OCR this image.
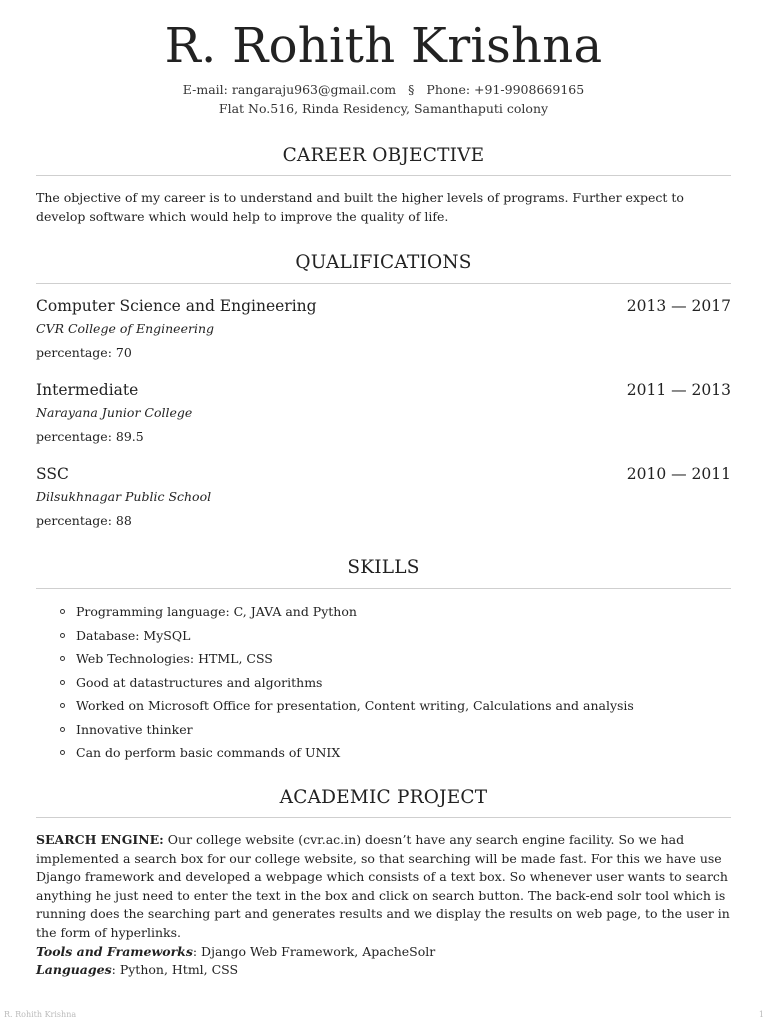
R. Rohith Krishna
E-mail: rangaraju963@gmail.com § Phone: +91-9908669165
Flat No.516, Rinda Residency, Samanthaputi colony
CAREER OBJECTIVE
The objective of my career is to understand and built the higher levels of programs. Further expect to develop software which would help to improve the quality of life.
QUALIFICATIONS
Computer Science and Engineering	2013 — 2017
CVR College of Engineering
percentage: 70
Intermediate	2011 — 2013
Narayana Junior College
percentage: 89.5
SSC	2010 — 2011
Dilsukhnagar Public School
percentage: 88
SKILLS
Programming language: C, JAVA and Python
Database: MySQL
Web Technologies: HTML, CSS
Good at datastructures and algorithms
Worked on Microsoft Office for presentation, Content writing, Calculations and analysis
Innovative thinker
Can do perform basic commands of UNIX
ACADEMIC PROJECT
SEARCH ENGINE: Our college website (cvr.ac.in) doesn’t have any search engine facility. So we had implemented a search box for our college website, so that searching will be made fast. For this we have use Django framework and developed a webpage which consists of a text box. So whenever user wants to search anything he just need to enter the text in the box and click on search button. The back-end solr tool which is running does the searching part and generates results and we display the results on web page, to the user in the form of hyperlinks.
Tools and Frameworks: Django Web Framework, ApacheSolr
Languages: Python, Html, CSS
R. Rohith Krishna	1
